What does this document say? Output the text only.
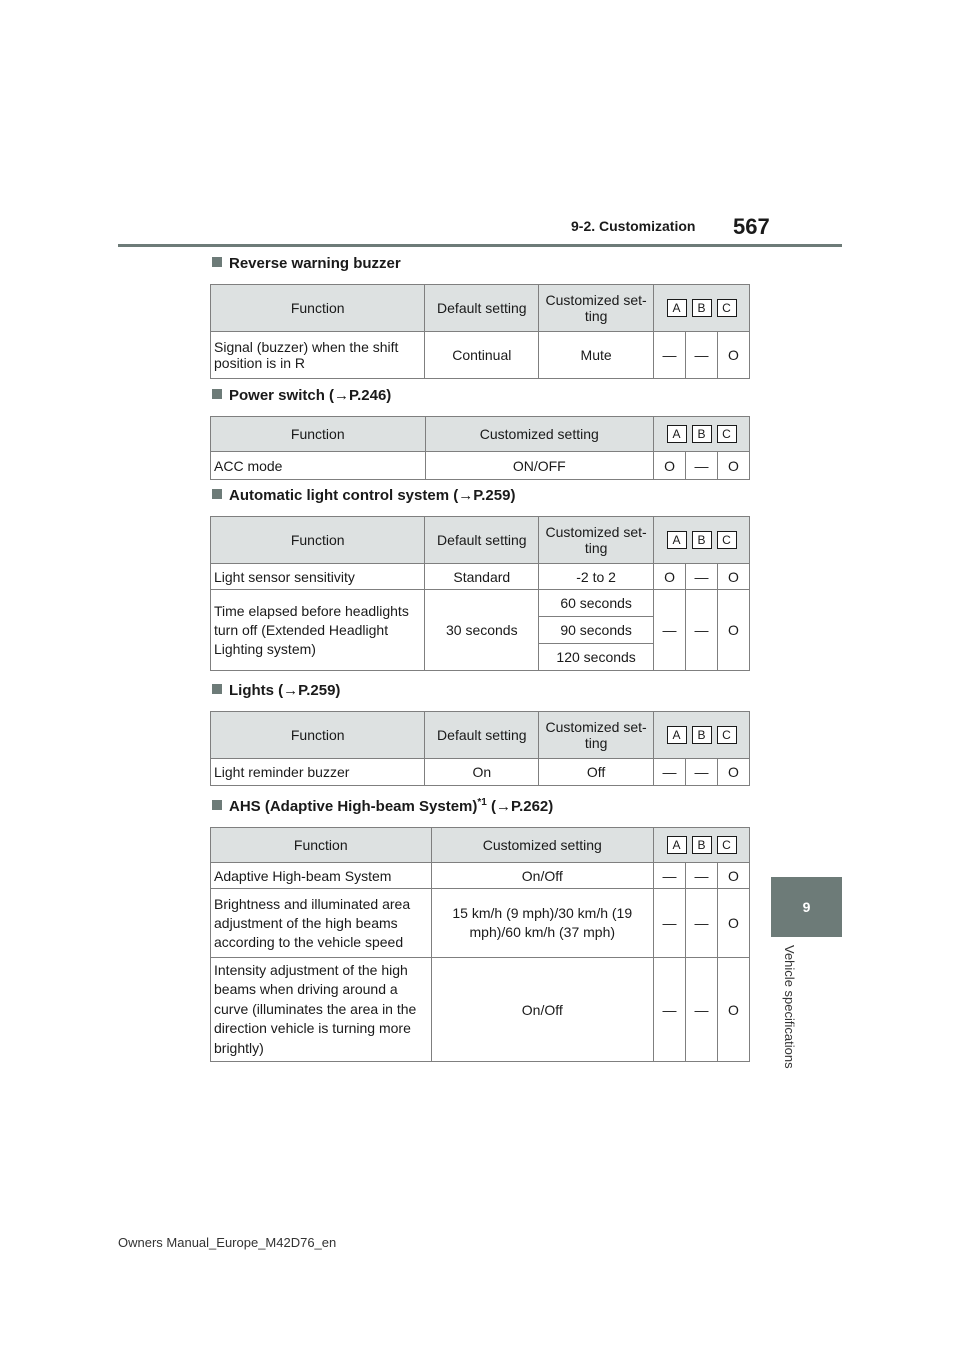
9-2. Customization 567
9
Vehicle specifications
Reverse warning buzzer
Function	Default setting	Customized set-ting	A B C		
Signal (buzzer) when the shift position is in R	Continual	Mute	—	—	O
Power switch (→P.246)
Function	Customized setting	A B C		
ACC mode	ON/OFF	O	—	O
Automatic light control system (→P.259)
Function	Default setting	Customized set-ting	A B C		
Light sensor sensitivity	Standard	-2 to 2	O	—	O
Time elapsed before headlights turn off (Extended Headlight Lighting system)	30 seconds	60 seconds	—	—	O
		90 seconds			
		120 seconds			
Lights (→P.259)
Function	Default setting	Customized set-ting	A B C		
Light reminder buzzer	On	Off	—	—	O
AHS (Adaptive High-beam System)$^{*1}$ (→P.262)
Function	Customized setting	A B C		
Adaptive High-beam System	On/Off	—	—	O
Brightness and illuminated area adjustment of the high beams according to the vehicle speed	15 km/h (9 mph)/30 km/h (19 mph)/60 km/h (37 mph)	—	—	O
Intensity adjustment of the high beams when driving around a curve (illuminates the area in the direction vehicle is turning more brightly)	On/Off	—	—	O
Owners Manual_Europe_M42D76_en
